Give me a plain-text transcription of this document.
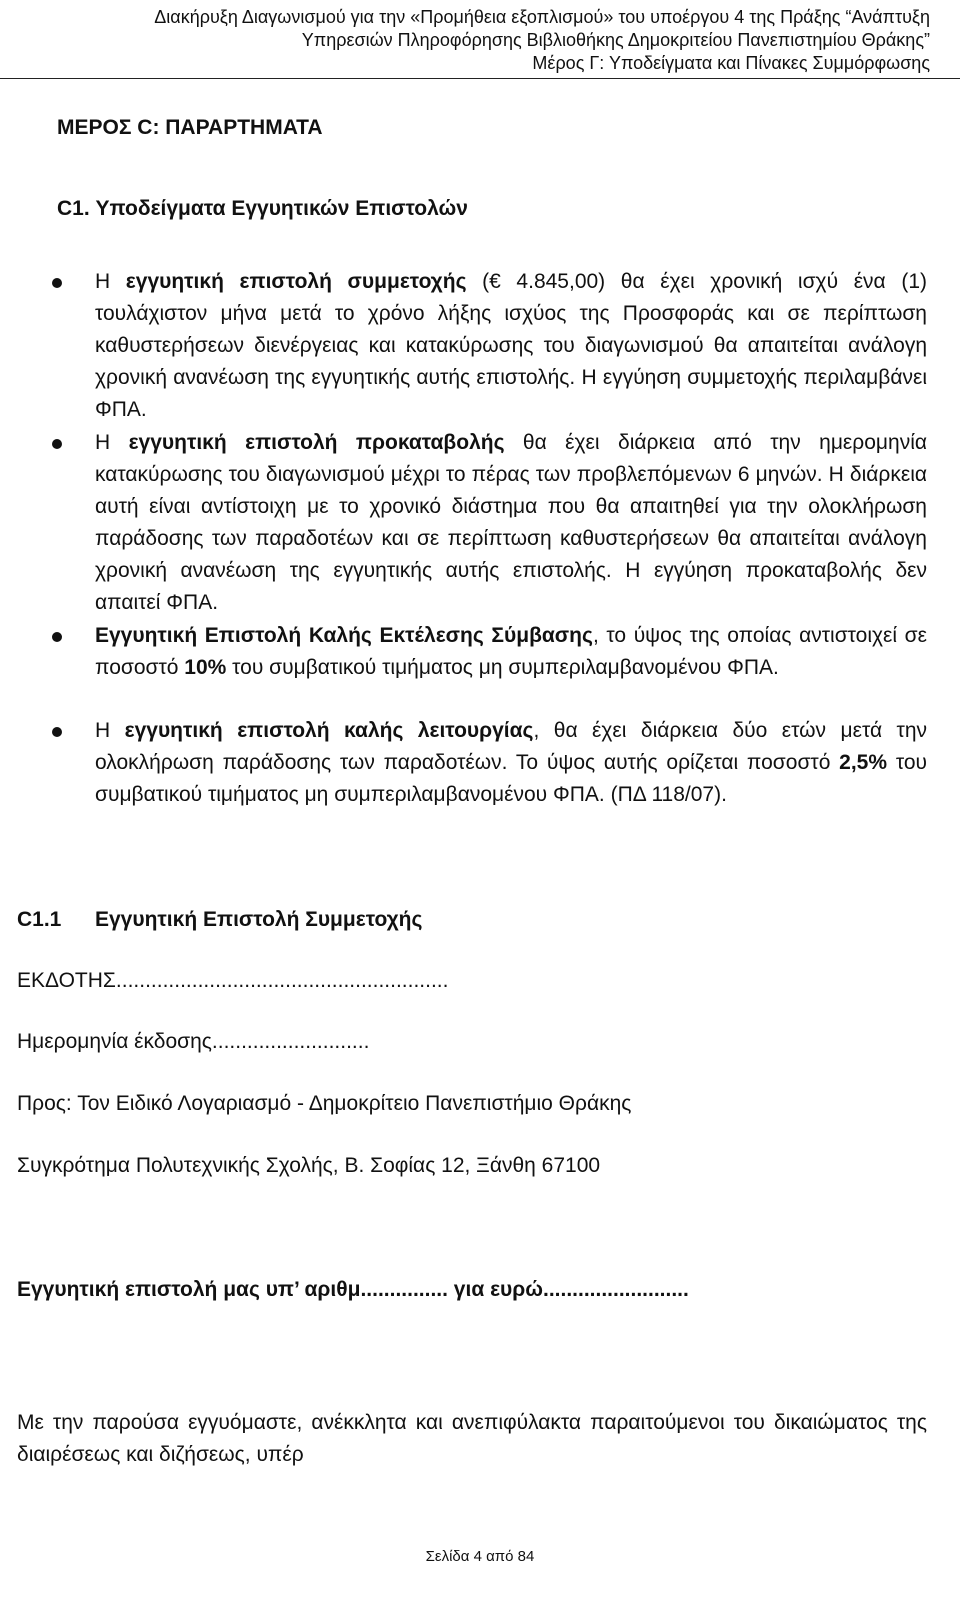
Διακήρυξη Διαγωνισμού για την «Προμήθεια εξοπλισμού» του υποέργου 4 της Πράξης “Ανάπτυξη
Υπηρεσιών Πληροφόρησης Βιβλιοθήκης Δημοκριτείου Πανεπιστημίου Θράκης”
Μέρος Γ: Υποδείγματα και Πίνακες Συμμόρφωσης
ΜΕΡΟΣ C: ΠΑΡΑΡΤΗΜΑΤΑ
C1. Υποδείγματα Εγγυητικών Επιστολών
Η εγγυητική επιστολή συμμετοχής (€ 4.845,00) θα έχει χρονική ισχύ ένα (1) τουλάχιστον μήνα μετά το χρόνο λήξης ισχύος της Προσφοράς και σε περίπτωση καθυστερήσεων διενέργειας και κατακύρωσης του διαγωνισμού θα απαιτείται ανάλογη χρονική ανανέωση της εγγυητικής αυτής επιστολής. Η εγγύηση συμμετοχής περιλαμβάνει ΦΠΑ.
Η εγγυητική επιστολή προκαταβολής θα έχει διάρκεια από την ημερομηνία κατακύρωσης του διαγωνισμού μέχρι το πέρας των προβλεπόμενων 6 μηνών. Η διάρκεια αυτή είναι αντίστοιχη με το χρονικό διάστημα που θα απαιτηθεί για την ολοκλήρωση παράδοσης των παραδοτέων και σε περίπτωση καθυστερήσεων θα απαιτείται ανάλογη χρονική ανανέωση της εγγυητικής αυτής επιστολής. Η εγγύηση προκαταβολής δεν απαιτεί ΦΠΑ.
Εγγυητική Επιστολή Καλής Εκτέλεσης Σύμβασης, το ύψος της οποίας αντιστοιχεί σε ποσοστό 10% του συμβατικού τιμήματος μη συμπεριλαμβανομένου ΦΠΑ.
Η εγγυητική επιστολή καλής λειτουργίας, θα έχει διάρκεια δύο ετών μετά την ολοκλήρωση παράδοσης των παραδοτέων. Το ύψος αυτής ορίζεται ποσοστό 2,5% του συμβατικού τιμήματος μη συμπεριλαμβανομένου ΦΠΑ. (ΠΔ 118/07).
C1.1 Εγγυητική Επιστολή Συμμετοχής
ΕΚΔΟΤΗΣ.........................................................
Ημερομηνία έκδοσης...........................
Προς: Τον Ειδικό Λογαριασμό - Δημοκρίτειο Πανεπιστήμιο Θράκης
Συγκρότημα Πολυτεχνικής Σχολής, Β. Σοφίας 12, Ξάνθη 67100
Εγγυητική επιστολή μας υπ’ αριθμ............... για ευρώ.........................
Με την παρούσα εγγυόμαστε, ανέκκλητα και ανεπιφύλακτα παραιτούμενοι του δικαιώματος της διαιρέσεως και διζήσεως, υπέρ
Σελίδα 4 από 84
